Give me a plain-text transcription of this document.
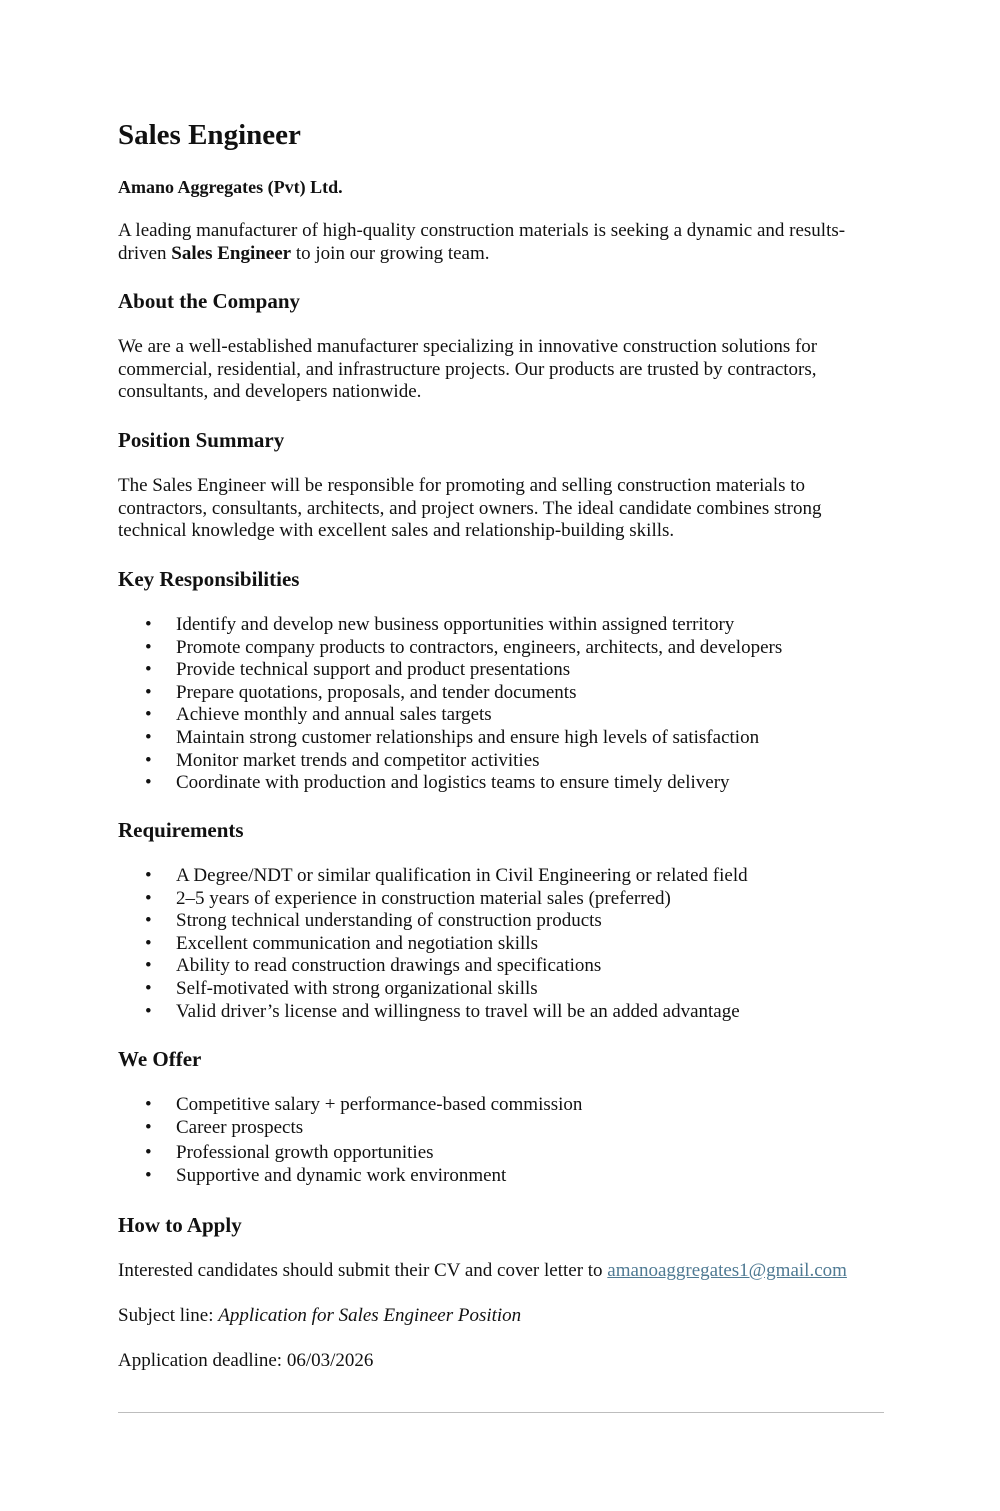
Sales Engineer

Amano Aggregates (Pvt) Ltd.

A leading manufacturer of high-quality construction materials is seeking a dynamic and results-driven Sales Engineer to join our growing team.

About the Company

We are a well-established manufacturer specializing in innovative construction solutions for commercial, residential, and infrastructure projects. Our products are trusted by contractors, consultants, and developers nationwide.

Position Summary

The Sales Engineer will be responsible for promoting and selling construction materials to contractors, consultants, architects, and project owners. The ideal candidate combines strong technical knowledge with excellent sales and relationship-building skills.

Key Responsibilities
• Identify and develop new business opportunities within assigned territory
• Promote company products to contractors, engineers, architects, and developers
• Provide technical support and product presentations
• Prepare quotations, proposals, and tender documents
• Achieve monthly and annual sales targets
• Maintain strong customer relationships and ensure high levels of satisfaction
• Monitor market trends and competitor activities
• Coordinate with production and logistics teams to ensure timely delivery
Requirements
• A Degree/NDT or similar qualification in Civil Engineering or related field
• 2–5 years of experience in construction material sales (preferred)
• Strong technical understanding of construction products
• Excellent communication and negotiation skills
• Ability to read construction drawings and specifications
• Self-motivated with strong organizational skills
• Valid driver’s license and willingness to travel will be an added advantage
We Offer
• Competitive salary + performance-based commission
• Career prospects
• Professional growth opportunities
• Supportive and dynamic work environment
How to Apply

Interested candidates should submit their CV and cover letter to amanoaggregates1@gmail.com

Subject line: Application for Sales Engineer Position

Application deadline: 06/03/2026
